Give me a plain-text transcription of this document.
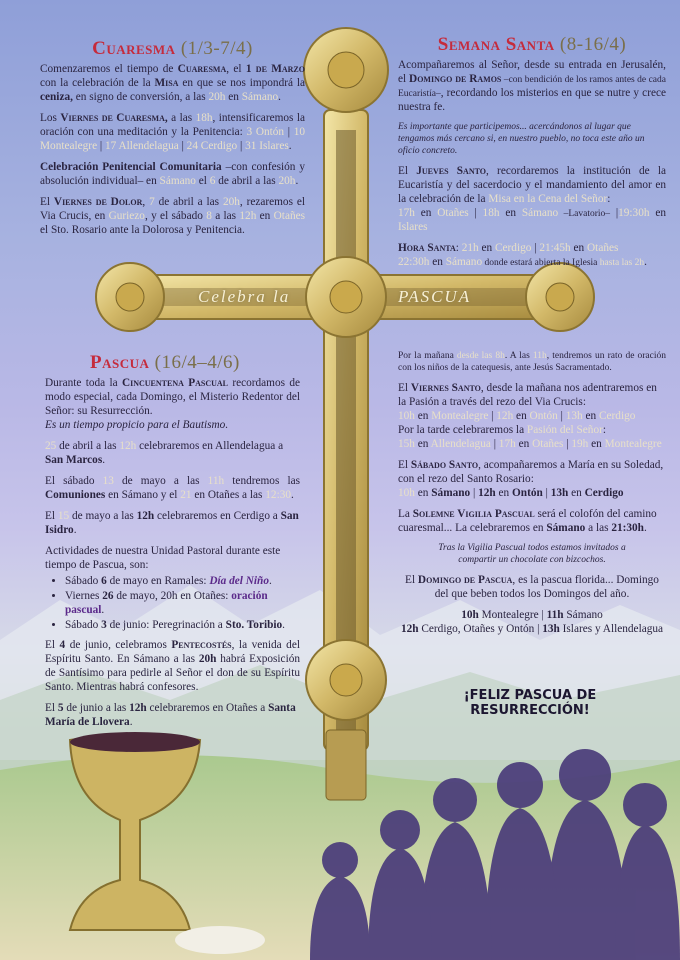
Celebra la	PASCUA
Cuaresma (1/3-7/4)

Comenzaremos el tiempo de Cuaresma, el 1 de Marzo con la celebración de la Misa en que se nos impondrá la ceniza, en signo de conversión, a las 20h en Sámano.

Los Viernes de Cuaresma, a las 18h, intensificaremos la oración con una meditación y la Penitencia: 3 Ontón | 10 Montealegre | 17 Allendelagua | 24 Cerdigo | 31 Islares.

Celebración Penitencial Comunitaria –con confesión y absolución individual– en Sámano el 6 de abril a las 20h.

El Viernes de Dolor, 7 de abril a las 20h, rezaremos el Via Crucis, en Guriezo, y el sábado 8 a las 12h en Otañes el Sto. Rosario ante la Dolorosa y Penitencia.

Semana Santa (8-16/4)

Acompañaremos al Señor, desde su entrada en Jerusalén, el Domingo de Ramos –con bendición de los ramos antes de cada Eucaristía–, recordando los misterios en que se nutre y crece nuestra fe.

Es importante que participemos... acercándonos al lugar que tengamos más cercano si, en nuestro pueblo, no toca este año un oficio concreto.

El Jueves Santo, recordaremos la institución de la Eucaristía y del sacerdocio y el mandamiento del amor en la celebración de la Misa en la Cena del Señor:
17h en Otañes | 18h en Sámano –Lavatorio– |19:30h en Islares

Hora Santa: 21h en Cerdigo | 21:45h en Otañes
22:30h en Sámano donde estará abierta la Iglesia hasta las 2h.

Pascua (16/4–4/6)

Durante toda la Cincuentena Pascual recordamos de modo especial, cada Domingo, el Misterio Redentor del Señor: su Resurrección.
Es un tiempo propicio para el Bautismo.

25 de abril a las 12h celebraremos en Allendelagua a San Marcos.

El sábado 13 de mayo a las 11h tendremos las Comuniones en Sámano y el 21 en Otañes a las 12:30.

El 15 de mayo a las 12h celebraremos en Cerdigo a San Isidro.

Actividades de nuestra Unidad Pastoral durante este tiempo de Pascua, son:

• Sábado 6 de mayo en Ramales: Día del Niño.
• Viernes 26 de mayo, 20h en Otañes: oración pascual.
• Sábado 3 de junio: Peregrinación a Sto. Toribio.

El 4 de junio, celebramos Pentecostés, la venida del Espíritu Santo. En Sámano a las 20h habrá Exposición de Santísimo para pedirle al Señor el don de su Espíritu Santo. Mientras habrá confesores.

El 5 de junio a las 12h celebraremos en Otañes a Santa María de Llovera.

Por la mañana desde las 8h. A las 11h, tendremos un rato de oración con los niños de la catequesis, ante Jesús Sacramentado.

El Viernes Santo, desde la mañana nos adentraremos en la Pasión a través del rezo del Via Crucis:
10h en Montealegre | 12h en Ontón | 13h en Cerdigo
Por la tarde celebraremos la Pasión del Señor:
15h en Allendelagua | 17h en Otañes | 19h en Montealegre

El Sábado Santo, acompañaremos a María en su Soledad, con el rezo del Santo Rosario:
10h en Sámano | 12h en Ontón | 13h en Cerdigo

La Solemne Vigilia Pascual será el colofón del camino cuaresmal... La celebraremos en Sámano a las 21:30h.

Tras la Vigilia Pascual todos estamos invitados a compartir un chocolate con bizcochos.

El Domingo de Pascua, es la pascua florida... Domingo del que beben todos los Domingos del año.

10h Montealegre | 11h Sámano
12h Cerdigo, Otañes y Ontón | 13h Islares y Allendelagua

¡FELIZ PASCUA DE RESURRECCIÓN!
